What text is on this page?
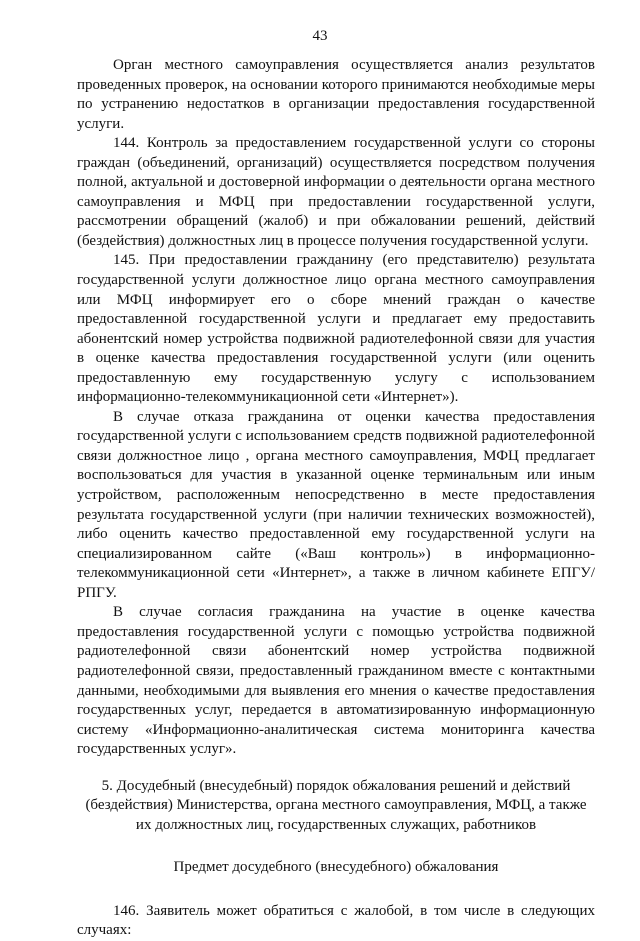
43

Орган местного самоуправления осуществляется анализ результатов проведенных проверок, на основании которого принимаются необходимые меры по устранению недостатков в организации предоставления государственной услуги.

144. Контроль за предоставлением государственной услуги со стороны граждан (объединений, организаций) осуществляется посредством получения полной, актуальной и достоверной информации о деятельности органа местного самоуправления и МФЦ при предоставлении государственной услуги, рассмотрении обращений (жалоб) и при обжаловании решений, действий (бездействия) должностных лиц в процессе получения государственной услуги.

145. При предоставлении гражданину (его представителю) результата государственной услуги должностное лицо органа местного самоуправления или МФЦ информирует его о сборе мнений граждан о качестве предоставленной государственной услуги и предлагает ему предоставить абонентский номер устройства подвижной радиотелефонной связи для участия в оценке качества предоставления государственной услуги (или оценить предоставленную ему государственную услугу с использованием информационно-телекоммуникационной сети «Интернет»).

В случае отказа гражданина от оценки качества предоставления государственной услуги с использованием средств подвижной радиотелефонной связи должностное лицо , органа местного самоуправления, МФЦ предлагает воспользоваться для участия в указанной оценке терминальным или иным устройством, расположенным непосредственно в месте предоставления результата государственной услуги (при наличии технических возможностей), либо оценить качество предоставленной ему государственной услуги на специализированном сайте («Ваш контроль») в информационно-телекоммуникационной сети «Интернет», а также в личном кабинете ЕПГУ/РПГУ.

В случае согласия гражданина на участие в оценке качества предоставления государственной услуги с помощью устройства подвижной радиотелефонной связи абонентский номер устройства подвижной радиотелефонной связи, предоставленный гражданином вместе с контактными данными, необходимыми для выявления его мнения о качестве предоставления государственных услуг, передается в автоматизированную информационную систему «Информационно-аналитическая система мониторинга качества государственных услуг».

5. Досудебный (внесудебный) порядок обжалования решений и действий (бездействия) Министерства, органа местного самоуправления, МФЦ, а также их должностных лиц, государственных служащих, работников

Предмет досудебного (внесудебного) обжалования

146. Заявитель может обратиться с жалобой, в том числе в следующих случаях:
